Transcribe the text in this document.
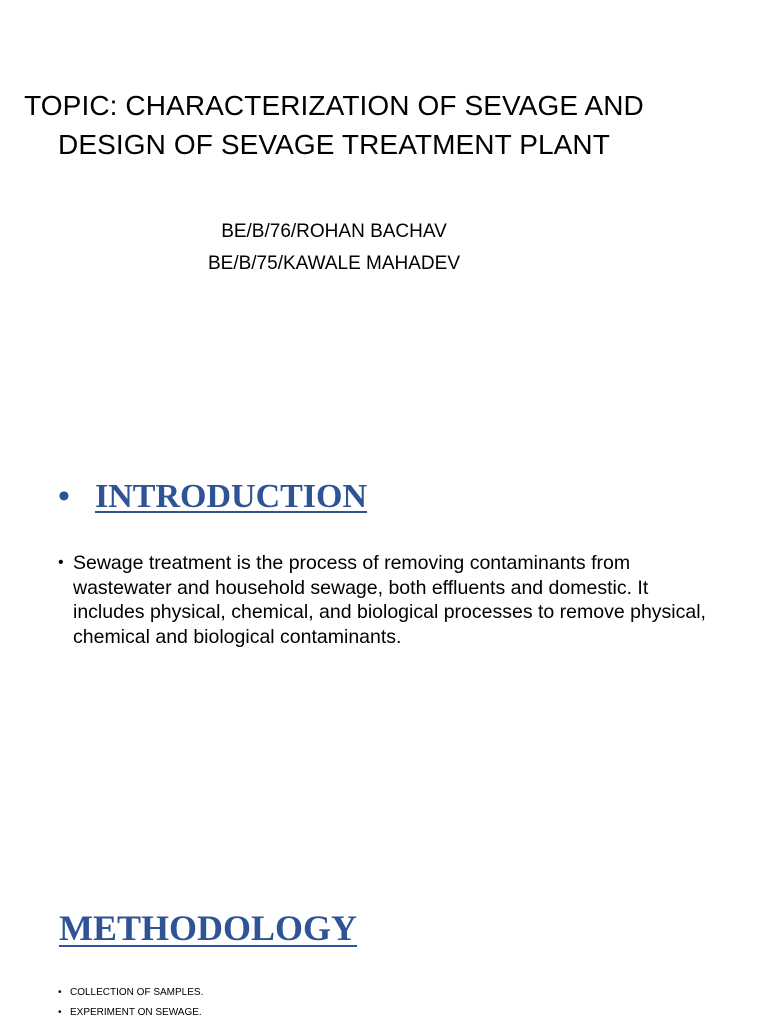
TOPIC: CHARACTERIZATION OF SEVAGE AND
DESIGN OF SEVAGE TREATMENT PLANT
BE/B/76/ROHAN BACHAV
BE/B/75/KAWALE MAHADEV
• INTRODUCTION
• Sewage treatment is the process of removing contaminants from wastewater and household sewage, both effluents and domestic. It includes physical, chemical, and biological processes to remove physical, chemical and biological contaminants.
METHODOLOGY
• COLLECTION OF SAMPLES.
• EXPERIMENT ON SEWAGE.
